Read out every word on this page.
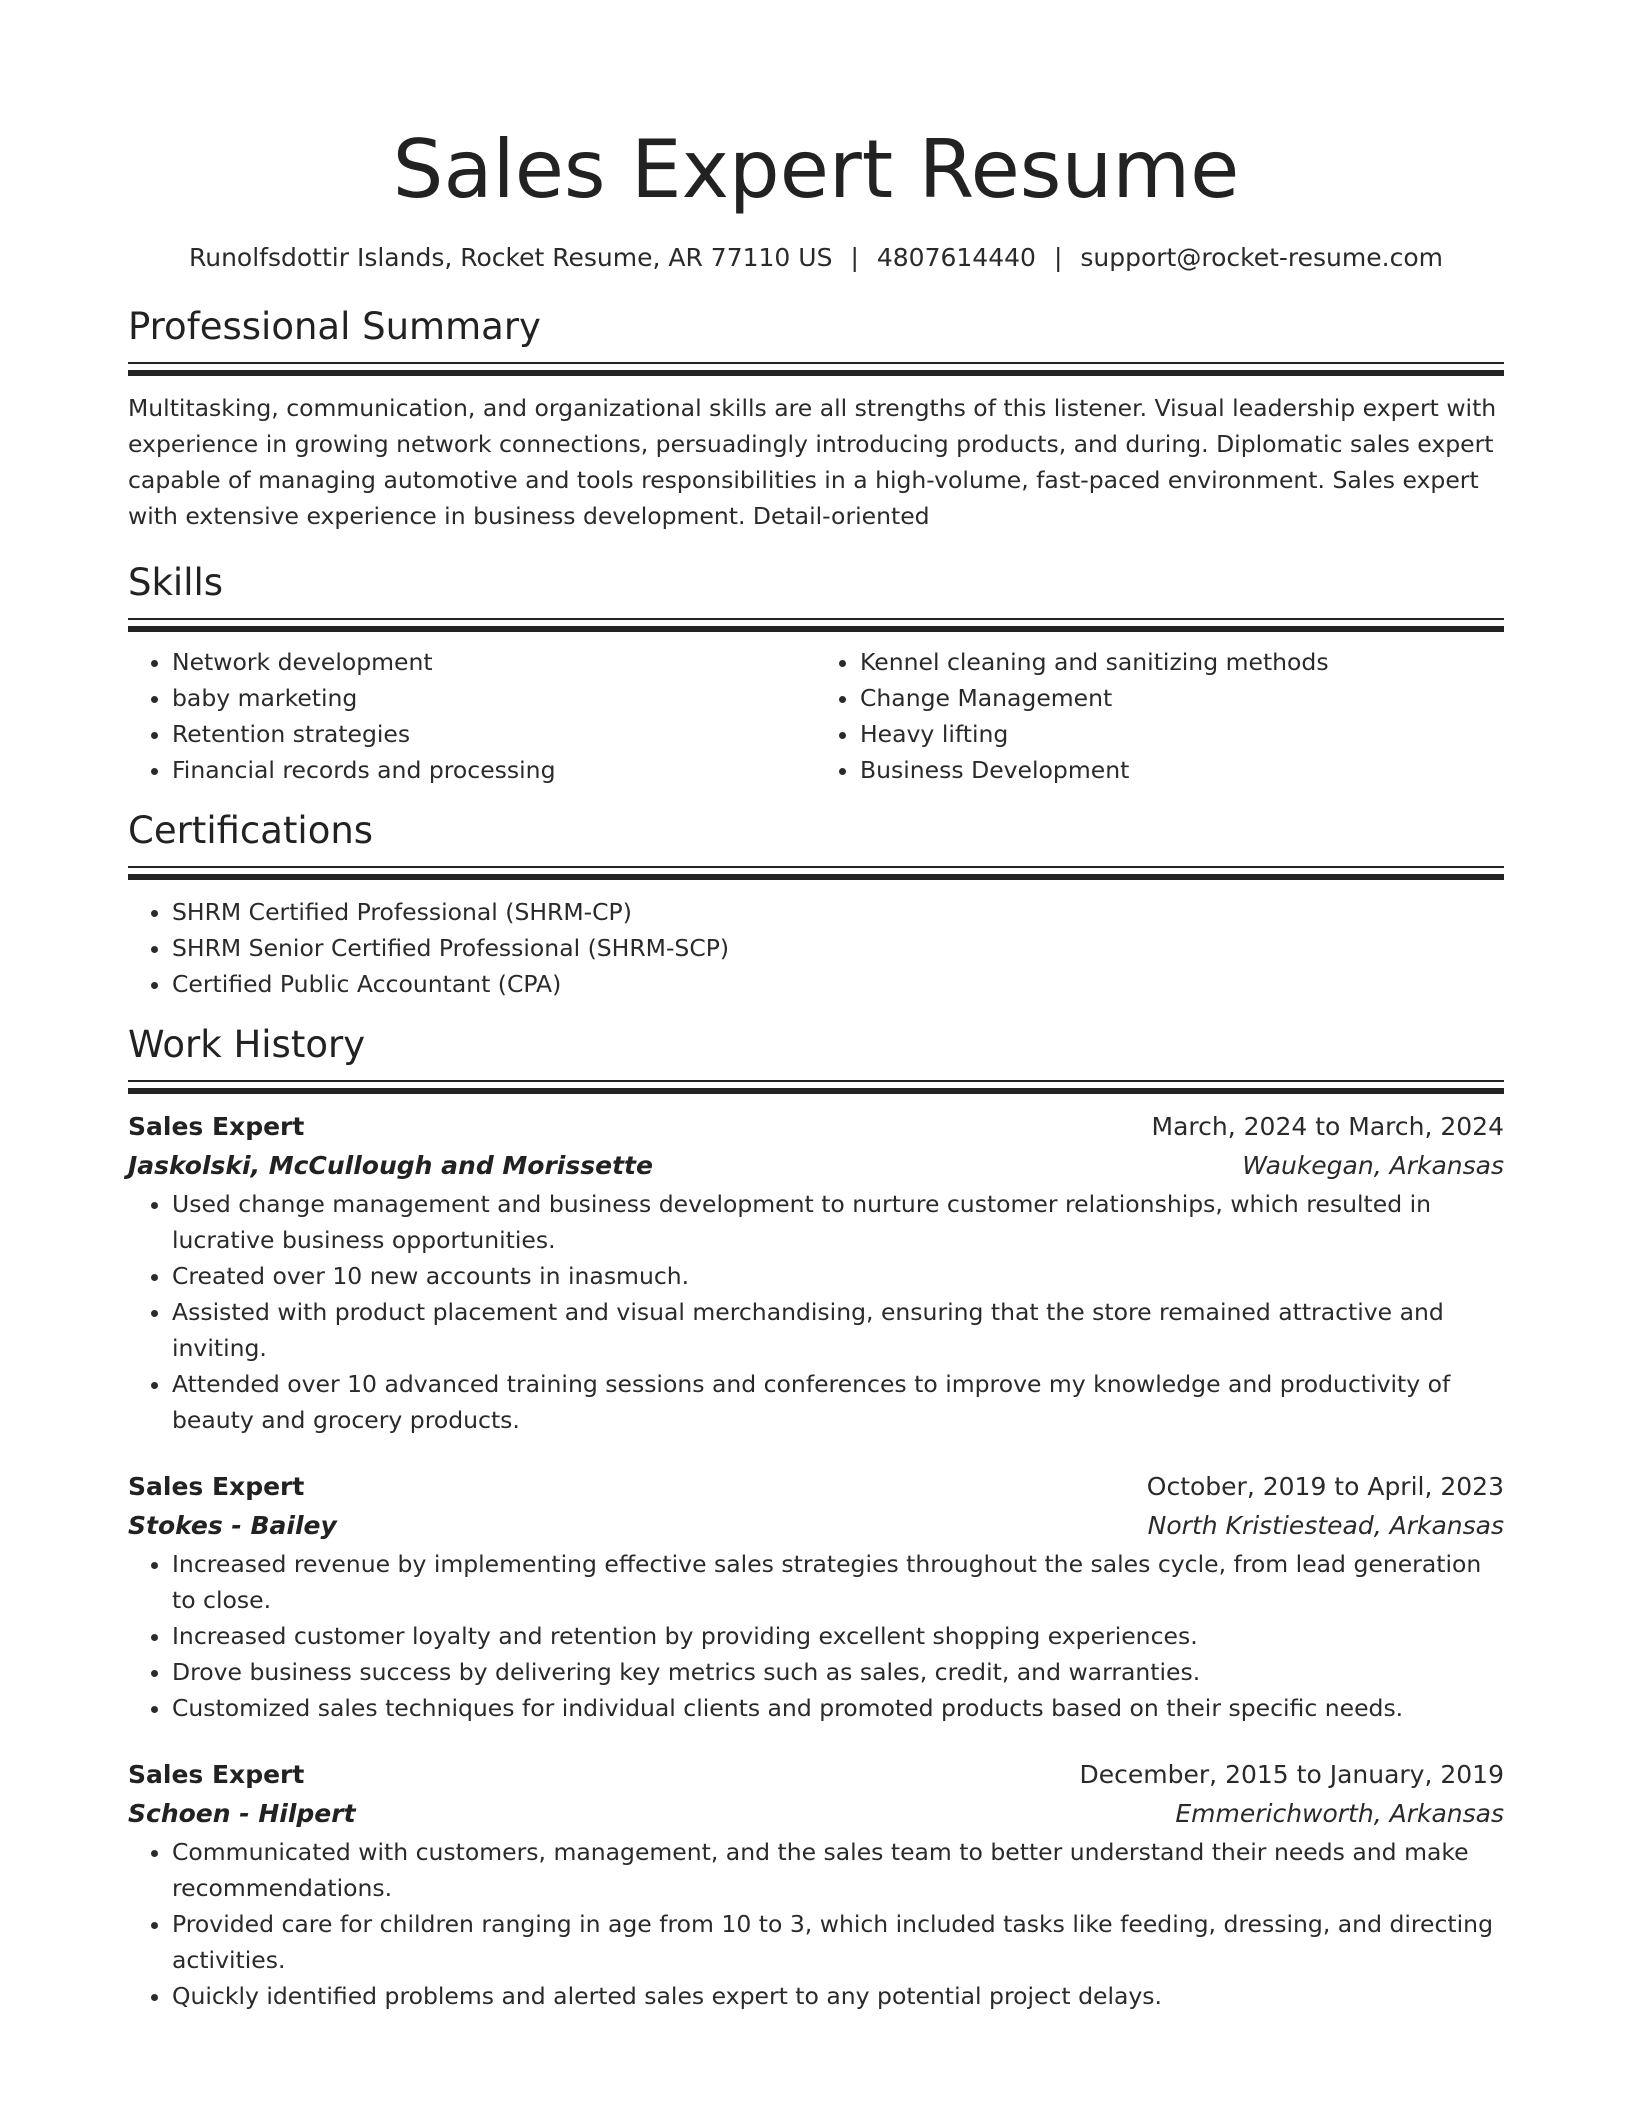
Sales Expert Resume
Runolfsdottir Islands, Rocket Resume, AR 77110 US | 4807614440 | support@rocket-resume.com
Professional Summary
Multitasking, communication, and organizational skills are all strengths of this listener. Visual leadership expert with experience in growing network connections, persuadingly introducing products, and during. Diplomatic sales expert capable of managing automotive and tools responsibilities in a high-volume, fast-paced environment. Sales expert with extensive experience in business development. Detail-oriented
Skills
• Network development
• baby marketing
• Retention strategies
• Financial records and processing
• Kennel cleaning and sanitizing methods
• Change Management
• Heavy lifting
• Business Development
Certifications
• SHRM Certified Professional (SHRM-CP)
• SHRM Senior Certified Professional (SHRM-SCP)
• Certified Public Accountant (CPA)
Work History
Sales Expert	March, 2024 to March, 2024
Jaskolski, McCullough and Morissette	Waukegan, Arkansas
• Used change management and business development to nurture customer relationships, which resulted in lucrative business opportunities.
• Created over 10 new accounts in inasmuch.
• Assisted with product placement and visual merchandising, ensuring that the store remained attractive and inviting.
• Attended over 10 advanced training sessions and conferences to improve my knowledge and productivity of beauty and grocery products.
Sales Expert	October, 2019 to April, 2023
Stokes - Bailey	North Kristiestead, Arkansas
• Increased revenue by implementing effective sales strategies throughout the sales cycle, from lead generation to close.
• Increased customer loyalty and retention by providing excellent shopping experiences.
• Drove business success by delivering key metrics such as sales, credit, and warranties.
• Customized sales techniques for individual clients and promoted products based on their specific needs.
Sales Expert	December, 2015 to January, 2019
Schoen - Hilpert	Emmerichworth, Arkansas
• Communicated with customers, management, and the sales team to better understand their needs and make recommendations.
• Provided care for children ranging in age from 10 to 3, which included tasks like feeding, dressing, and directing activities.
• Quickly identified problems and alerted sales expert to any potential project delays.
